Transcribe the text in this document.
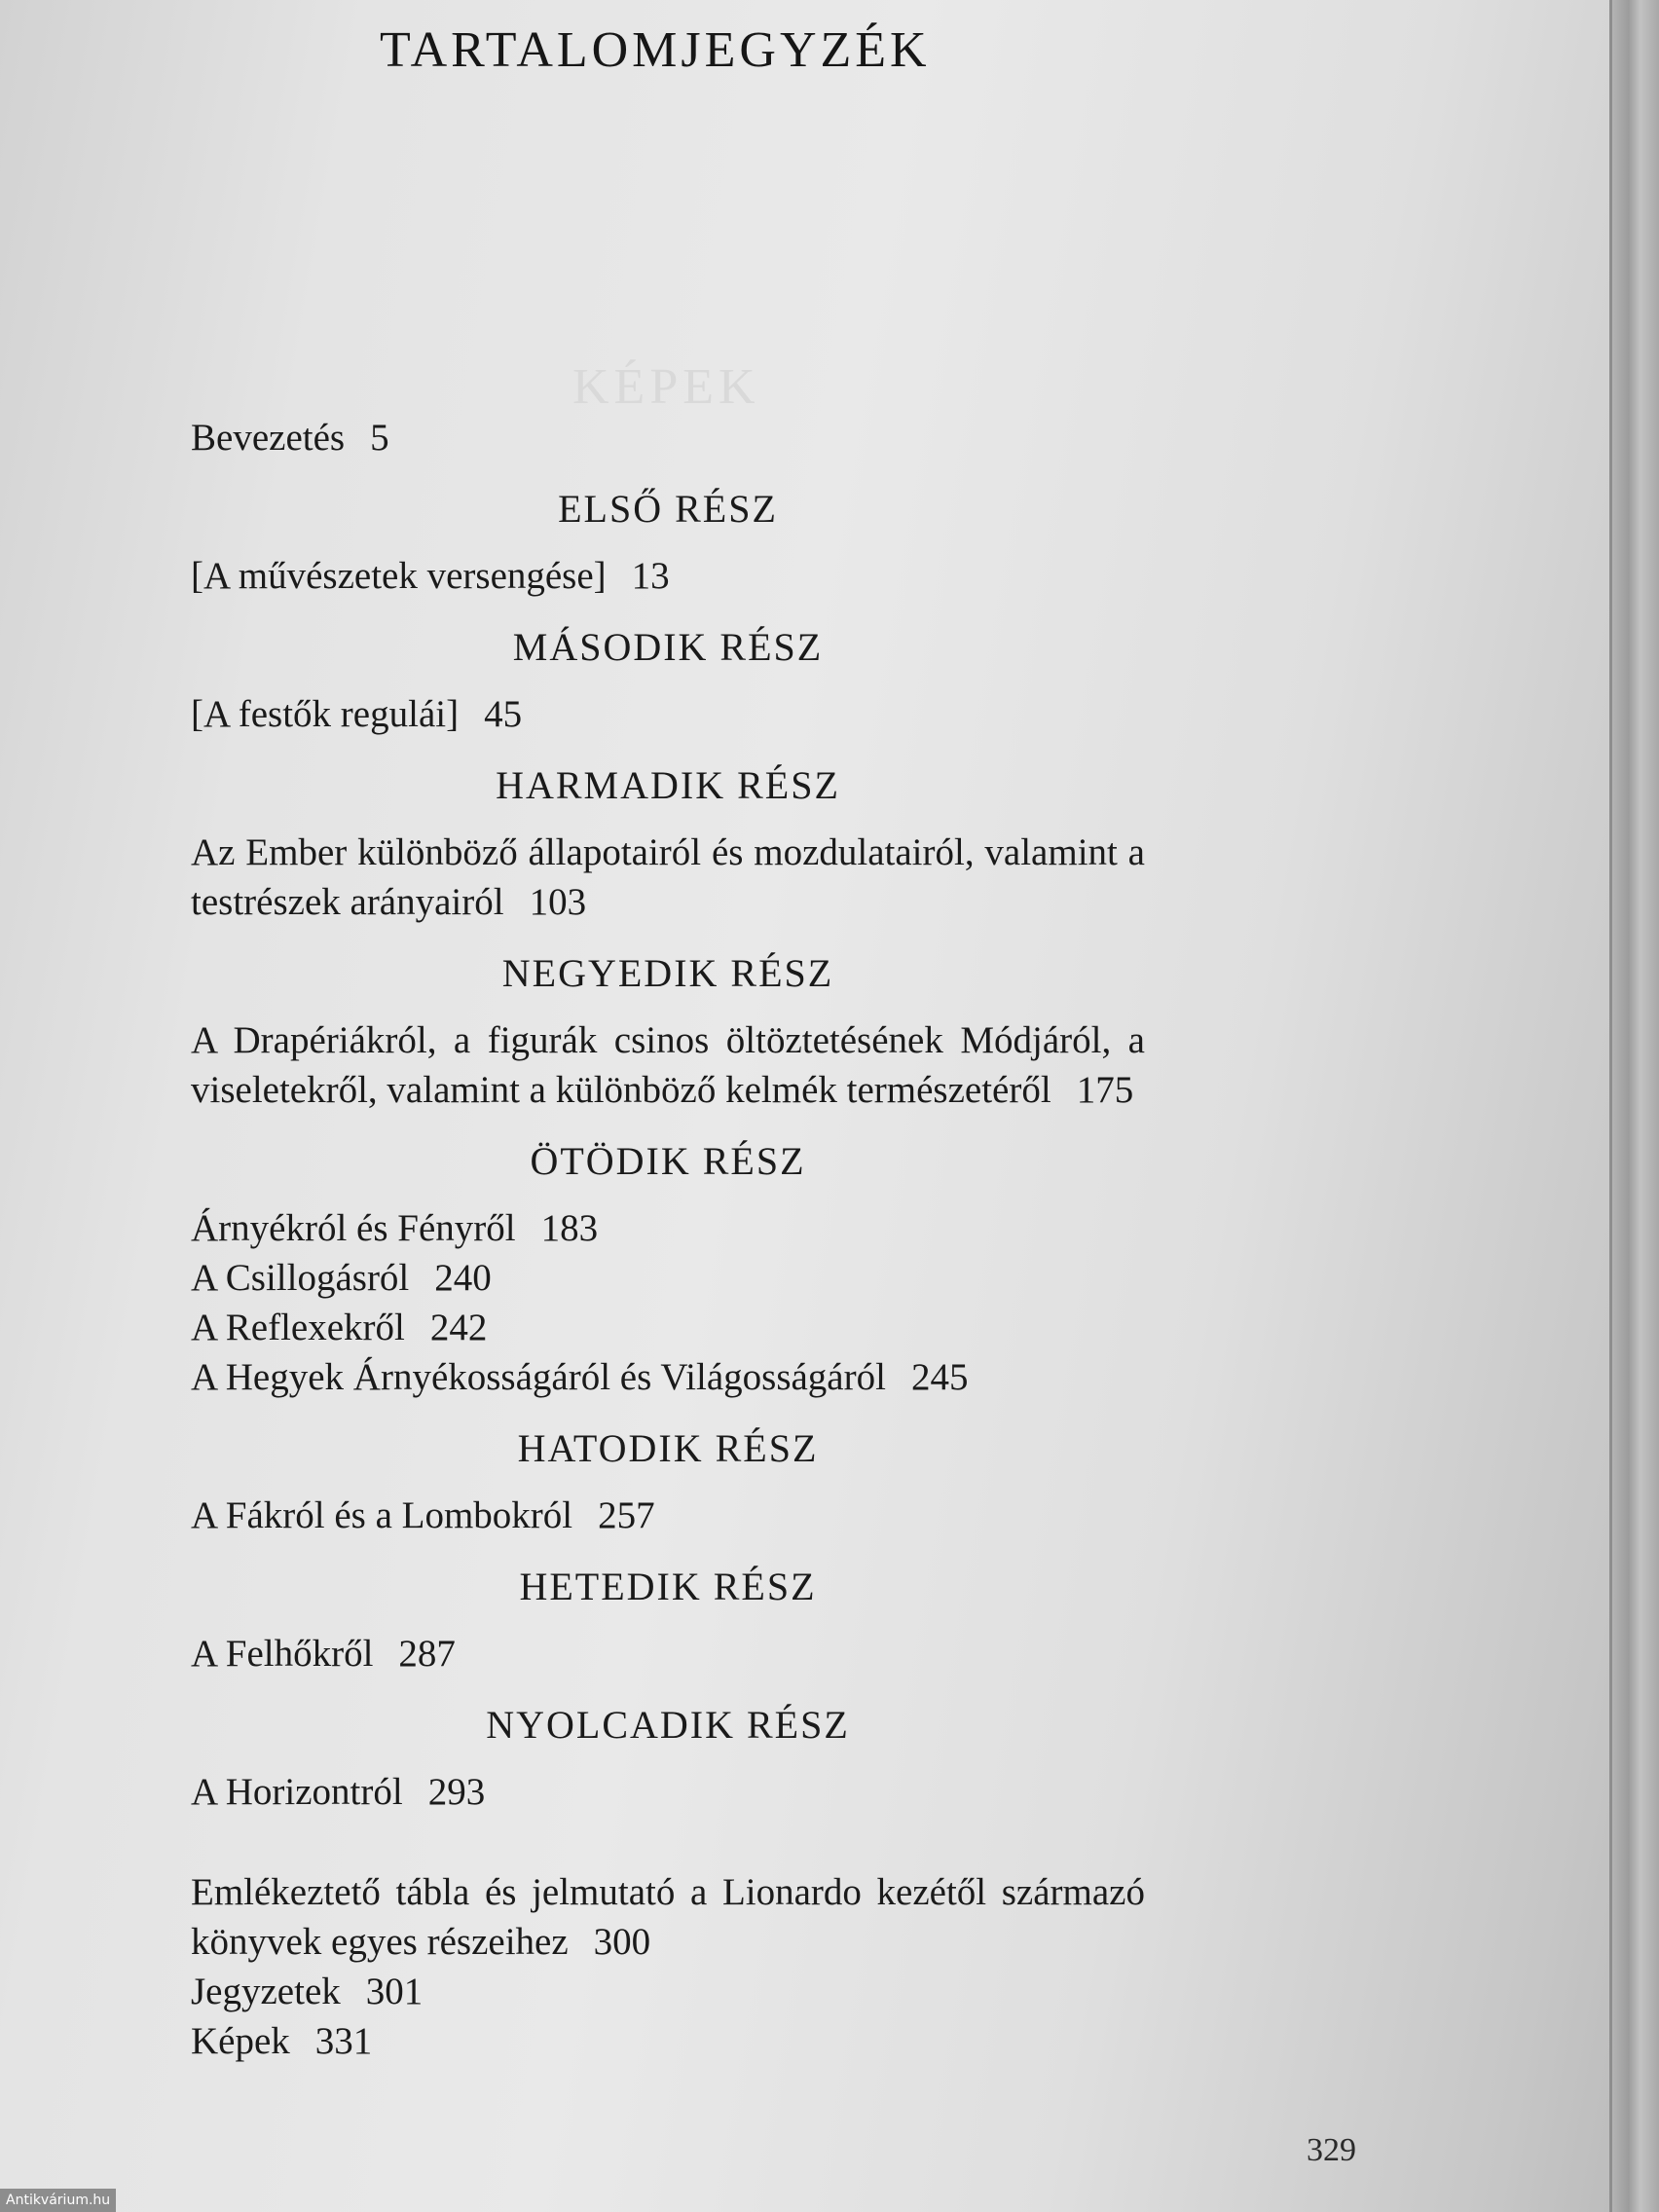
TARTALOMJEGYZÉK
KÉPEK
Bevezetés 5
ELSŐ RÉSZ
[A művészetek versengése] 13
MÁSODIK RÉSZ
[A festők regulái] 45
HARMADIK RÉSZ
Az Ember különböző állapotairól és mozdulatairól, valamint a testrészek arányairól 103
NEGYEDIK RÉSZ
A Drapériákról, a figurák csinos öltöztetésének Módjáról, a viseletekről, valamint a különböző kelmék természetéről 175
ÖTÖDIK RÉSZ
Árnyékról és Fényről 183
A Csillogásról 240
A Reflexekről 242
A Hegyek Árnyékosságáról és Világosságáról 245
HATODIK RÉSZ
A Fákról és a Lombokról 257
HETEDIK RÉSZ
A Felhőkről 287
NYOLCADIK RÉSZ
A Horizontról 293
Emlékeztető tábla és jelmutató a Lionardo kezétől származó könyvek egyes részeihez 300
Jegyzetek 301
Képek 331
329
Antikvárium.hu
